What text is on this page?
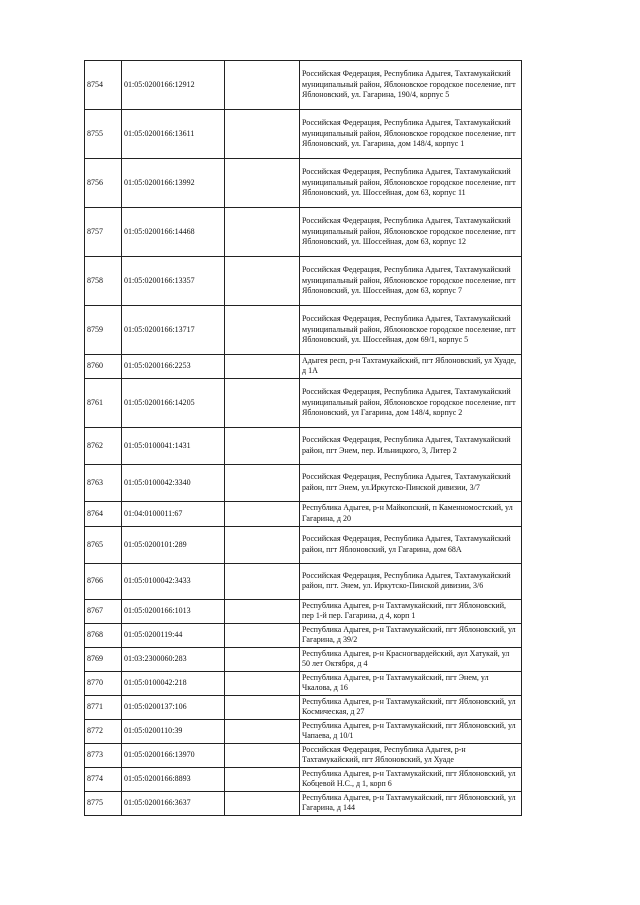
8754	01:05:0200166:12912		Российская Федерация, Республика Адыгея, Тахтамукайский муниципальный район, Яблоновское городское поселение, пгт Яблоновский, ул. Гагарина, 190/4, корпус 5

8755	01:05:0200166:13611		Российская Федерация, Республика Адыгея, Тахтамукайский муниципальный район, Яблоновское городское поселение, пгт Яблоновский, ул. Гагарина, дом 148/4, корпус 1

8756	01:05:0200166:13992		Российская Федерация, Республика Адыгея, Тахтамукайский муниципальный район, Яблоновское городское поселение, пгт Яблоновский, ул. Шоссейная, дом 63, корпус 11

8757	01:05:0200166:14468		Российская Федерация, Республика Адыгея, Тахтамукайский муниципальный район, Яблоновское городское поселение, пгт Яблоновский, ул. Шоссейная, дом 63, корпус 12

8758	01:05:0200166:13357		Российская Федерация, Республика Адыгея, Тахтамукайский муниципальный район, Яблоновское городское поселение, пгт Яблоновский, ул. Шоссейная, дом 63, корпус 7

8759	01:05:0200166:13717		Российская Федерация, Республика Адыгея, Тахтамукайский муниципальный район, Яблоновское городское поселение, пгт Яблоновский, ул. Шоссейная, дом 69/1, корпус 5

8760	01:05:0200166:2253		Адыгея респ, р-н Тахтамукайский, пгт Яблоновский, ул Хуаде, д 1А

8761	01:05:0200166:14205		Российская Федерация, Республика Адыгея, Тахтамукайский муниципальный район, Яблоновское городское поселение, пгт Яблоновский, ул Гагарина, дом 148/4, корпус 2

8762	01:05:0100041:1431		Российская Федерация, Республика Адыгея, Тахтамукайский район, пгт Энем, пер. Ильницкого, 3, Литер 2

8763	01:05:0100042:3340		Российская Федерация, Республика Адыгея, Тахтамукайский район, пгт Энем, ул.Иркутско-Пинской дивизии, 3/7

8764	01:04:0100011:67		Республика Адыгея, р-н Майкопский, п Каменномостский, ул Гагарина, д 20

8765	01:05:0200101:289		Российская Федерация, Республика Адыгея, Тахтамукайский район, пгт Яблоновский, ул Гагарина, дом 68А

8766	01:05:0100042:3433		Российская Федерация, Республика Адыгея, Тахтамукайский район, пгт. Энем, ул. Иркутско-Пинской дивизии, 3/6

8767	01:05:0200166:1013		Республика Адыгея, р-н Тахтамукайский, пгт Яблоновский, пер 1-й пер. Гагарина, д 4, корп 1

8768	01:05:0200119:44		Республика Адыгея, р-н Тахтамукайский, пгт Яблоновский, ул Гагарина, д 39/2

8769	01:03:2300060:283		Республика Адыгея, р-н Красногвардейский, аул Хатукай, ул 50 лет Октября, д 4

8770	01:05:0100042:218		Республика Адыгея, р-н Тахтамукайский, пгт Энем, ул Чкалова, д 16

8771	01:05:0200137:106		Республика Адыгея, р-н Тахтамукайский, пгт Яблоновский, ул Космическая, д 27

8772	01:05:0200110:39		Республика Адыгея, р-н Тахтамукайский, пгт Яблоновский, ул Чапаева, д 10/1

8773	01:05:0200166:13970		Российская Федерация, Республика Адыгея, р-н Тахтамукайский, пгт Яблоновский, ул Хуаде

8774	01:05:0200166:8893		Республика Адыгея, р-н Тахтамукайский, пгт Яблоновский, ул Кобцевой Н.С., д 1, корп 6

8775	01:05:0200166:3637		Республика Адыгея, р-н Тахтамукайский, пгт Яблоновский, ул Гагарина, д 144
